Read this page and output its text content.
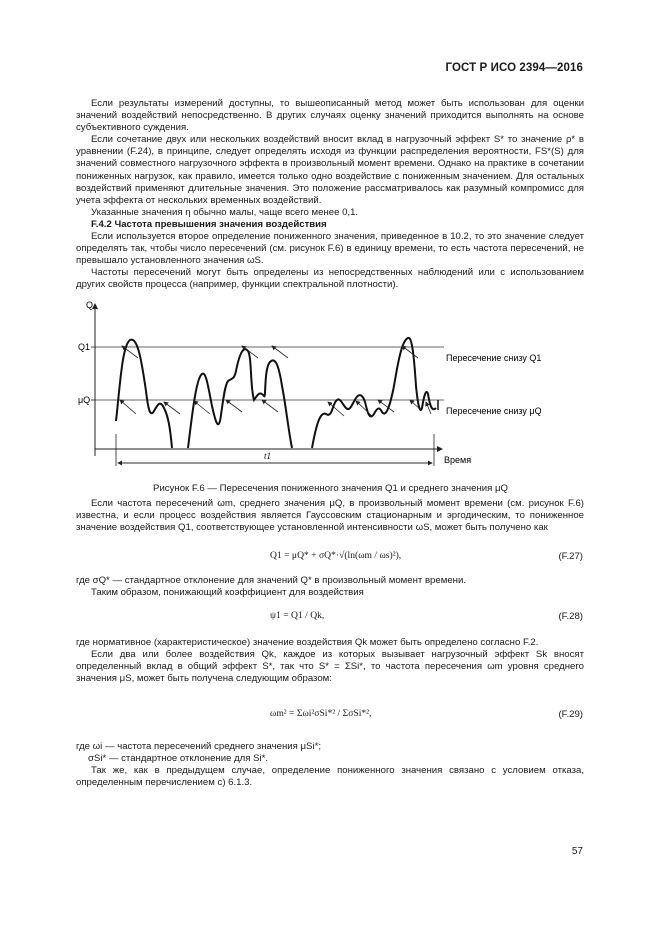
ГОСТ Р ИСО 2394—2016

Если результаты измерений доступны, то вышеописанный метод может быть использован для оценки значений воздействий непосредственно. В других случаях оценку значений приходится выполнять на основе субъективного суждения.

Если сочетание двух или нескольких воздействий вносит вклад в нагрузочный эффект S* то значение ρ* в уравнении (F.24), в принципе, следует определять исходя из функции распределения вероятности, FS*(S) для значений совместного нагрузочного эффекта в произвольный момент времени. Однако на практике в сочетании пониженных нагрузок, как правило, имеется только одно воздействие с пониженным значением. Для остальных воздействий применяют длительные значения. Это положение рассматривалось как разумный компромисс для учета эффекта от нескольких временных воздействий.

Указанные значения η обычно малы, чаще всего менее 0,1.

F.4.2 Частота превышения значения воздействия

Если используется второе определение пониженного значения, приведенное в 10.2, то это значение следует определять так, чтобы число пересечений (см. рисунок F.6) в единицу времени, то есть частота пересечений, не превышало установленного значения ωS.

Частоты пересечений могут быть определены из непосредственных наблюдений или с использованием других свойств процесса (например, функции спектральной плотности).

Q
Q1
μQ
Пересечение снизу Q1
Пересечение снизу μQ
Время
t1
Рисунок F.6 — Пересечения пониженного значения Q1 и среднего значения μQ

Если частота пересечений ωm, среднего значения μQ, в произвольный момент времени (см. рисунок F.6) известна, и если процесс воздействия является Гауссовским стационарным и эргодическим, то пониженное значение воздействия Q1, соответствующее установленной интенсивности ωS, может быть получено как

Q1 = μQ* + σQ*·√(ln(ωm / ωs)²),	(F.27)

где σQ* — стандартное отклонение для значений Q* в произвольный момент времени.

Таким образом, понижающий коэффициент для воздействия

ψ1 = Q1 / Qk,	(F.28)

где нормативное (характеристическое) значение воздействия Qk может быть определено согласно F.2.

Если два или более воздействия Qk, каждое из которых вызывает нагрузочный эффект Sk вносят определенный вклад в общий эффект S*, так что S* = ΣSi*, то частота пересечения ωm уровня среднего значения μS, может быть получена следующим образом:

ωm² = Σωi²σSi*² / ΣσSi*²,	(F.29)

где ωi — частота пересечений среднего значения μSi*;

σSi* — стандартное отклонение для Si*.

Так же, как в предыдущем случае, определение пониженного значения связано с условием отказа, определенным перечислением с) 6.1.3.

57
